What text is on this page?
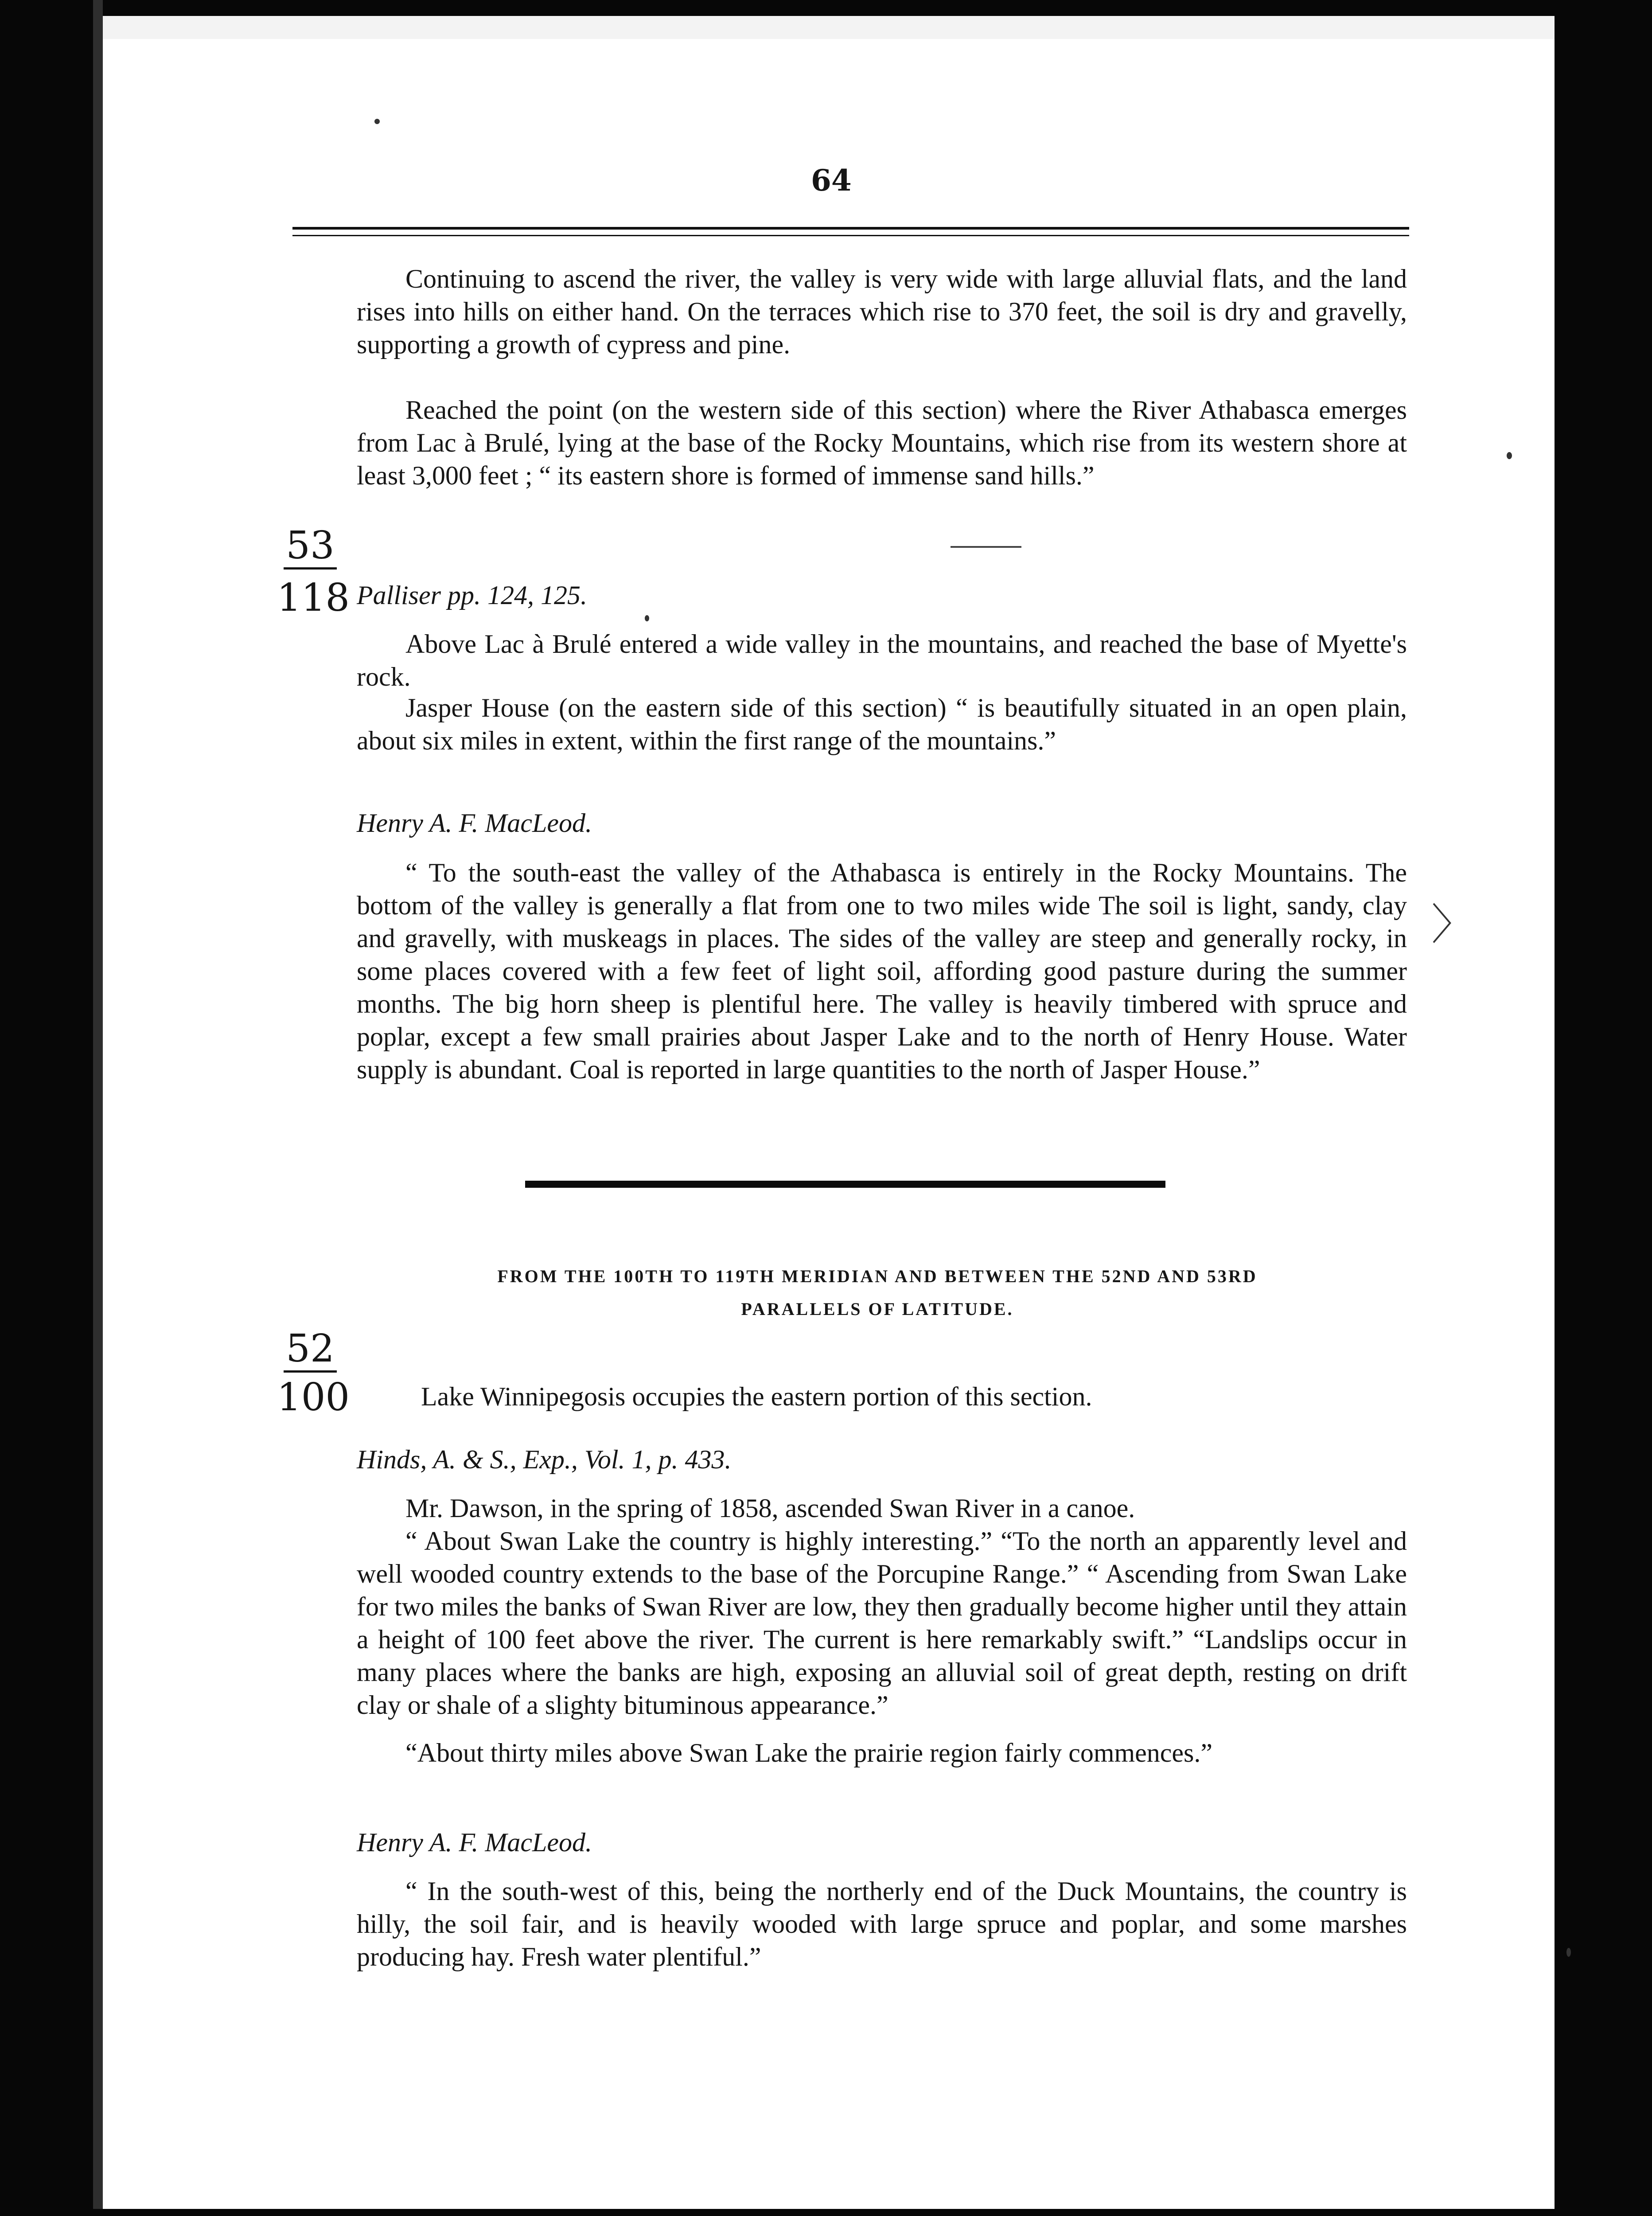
64

Continuing to ascend the river, the valley is very wide with large alluvial flats, and the land rises into hills on either hand. On the terraces which rise to 370 feet, the soil is dry and gravelly, supporting a growth of cypress and pine.

Reached the point (on the western side of this section) where the River Athabasca emerges from Lac à Brulé, lying at the base of the Rocky Mountains, which rise from its western shore at least 3,000 feet ; “ its eastern shore is formed of immense sand hills.”

53
118 Palliser pp. 124, 125.

Above Lac à Brulé entered a wide valley in the mountains, and reached the base of Myette's rock.

Jasper House (on the eastern side of this section) “ is beautifully situated in an open plain, about six miles in extent, within the first range of the mountains.”

Henry A. F. MacLeod.

“ To the south-east the valley of the Athabasca is entirely in the Rocky Mountains. The bottom of the valley is generally a flat from one to two miles wide The soil is light, sandy, clay and gravelly, with muskeags in places. The sides of the valley are steep and generally rocky, in some places covered with a few feet of light soil, affording good pasture during the summer months. The big horn sheep is plentiful here. The valley is heavily timbered with spruce and poplar, except a few small prairies about Jasper Lake and to the north of Henry House. Water supply is abundant. Coal is reported in large quantities to the north of Jasper House.”

FROM THE 100TH TO 119TH MERIDIAN AND BETWEEN THE 52ND AND 53RD
PARALLELS OF LATITUDE.
52
100	Lake Winnipegosis occupies the eastern portion of this section.

Hinds, A. & S., Exp., Vol. 1, p. 433.

Mr. Dawson, in the spring of 1858, ascended Swan River in a canoe.

“ About Swan Lake the country is highly interesting.” “To the north an apparently level and well wooded country extends to the base of the Porcupine Range.” “ Ascending from Swan Lake for two miles the banks of Swan River are low, they then gradually become higher until they attain a height of 100 feet above the river. The current is here remarkably swift.” “Landslips occur in many places where the banks are high, exposing an alluvial soil of great depth, resting on drift clay or shale of a slighty bituminous appearance.”

“About thirty miles above Swan Lake the prairie region fairly commences.”

Henry A. F. MacLeod.

“ In the south-west of this, being the northerly end of the Duck Mountains, the country is hilly, the soil fair, and is heavily wooded with large spruce and poplar, and some marshes producing hay. Fresh water plentiful.”

〉
